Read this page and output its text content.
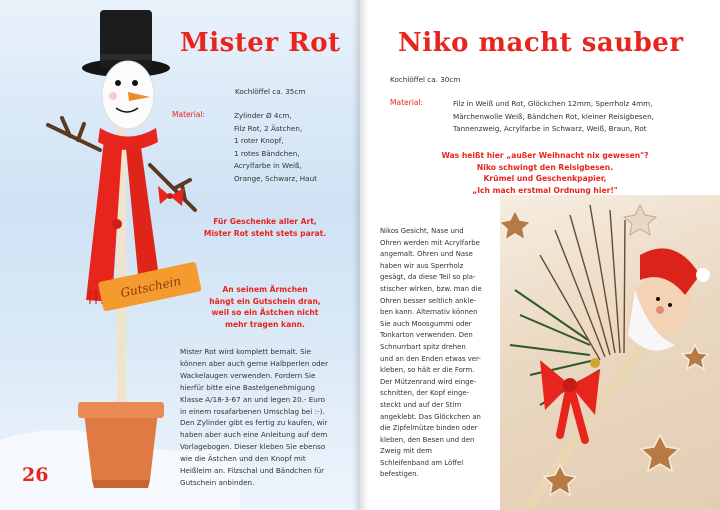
Gutschein
Mister Rot
Kochlöffel ca. 35cm
Material:	Zylinder Ø 4cm,
Filz Rot, 2 Ästchen,
1 roter Knopf,
1 rotes Bändchen,
Acrylfarbe in Weiß,
Orange, Schwarz, Haut
Für Geschenke aller Art,
Mister Rot steht stets parat.
An seinem Ärmchen
hängt ein Gutschein dran,
weil so ein Ästchen nicht
mehr tragen kann.
Mister Rot wird komplett bemalt. Sie
können aber auch gerne Halbperlen oder
Wackelaugen verwenden. Fordern Sie
hierfür bitte eine Bastelgenehmigung
Klasse A/18-3-67 an und legen 20.- Euro
in einem rosafarbenen Umschlag bei :-).
Den Zylinder gibt es fertig zu kaufen, wir
haben aber auch eine Anleitung auf dem
Vorlagebogen. Dieser kleben Sie ebenso
wie die Ästchen und den Knopf mit
Heißleim an. Filzschal und Bändchen für
Gutschein anbinden.
26
Niko macht sauber
Kochlöffel ca. 30cm
Material:	Filz in Weiß und Rot, Glöckchen 12mm, Sperrholz 4mm,
Märchenwolle Weiß, Bändchen Rot, kleiner Reisigbesen,
Tannenzweig, Acrylfarbe in Schwarz, Weiß, Braun, Rot
Was heißt hier „außer Weihnacht nix gewesen"?
Niko schwingt den Reisigbesen.
Krümel und Geschenkpapier,
„Ich mach erstmal Ordnung hier!"
Nikos Gesicht, Nase und
Ohren werden mit Acrylfarbe
angemalt. Ohren und Nase
haben wir aus Sperrholz
gesägt, da diese Teil so pla-
stischer wirken, bzw. man die
Ohren besser seitlich ankle-
ben kann. Alternativ können
Sie auch Moosgummi oder
Tonkarton verwenden. Den
Schnurrbart spitz drehen
und an den Enden etwas ver-
kleben, so hält er die Form.
Der Mützenrand wird einge-
schnitten, der Kopf einge-
steckt und auf der Stirn
angeklebt. Das Glöckchen an
die Zipfelmütze binden oder
kleben, den Besen und den
Zweig mit dem
Schleifenband am Löffel
befestigen.
